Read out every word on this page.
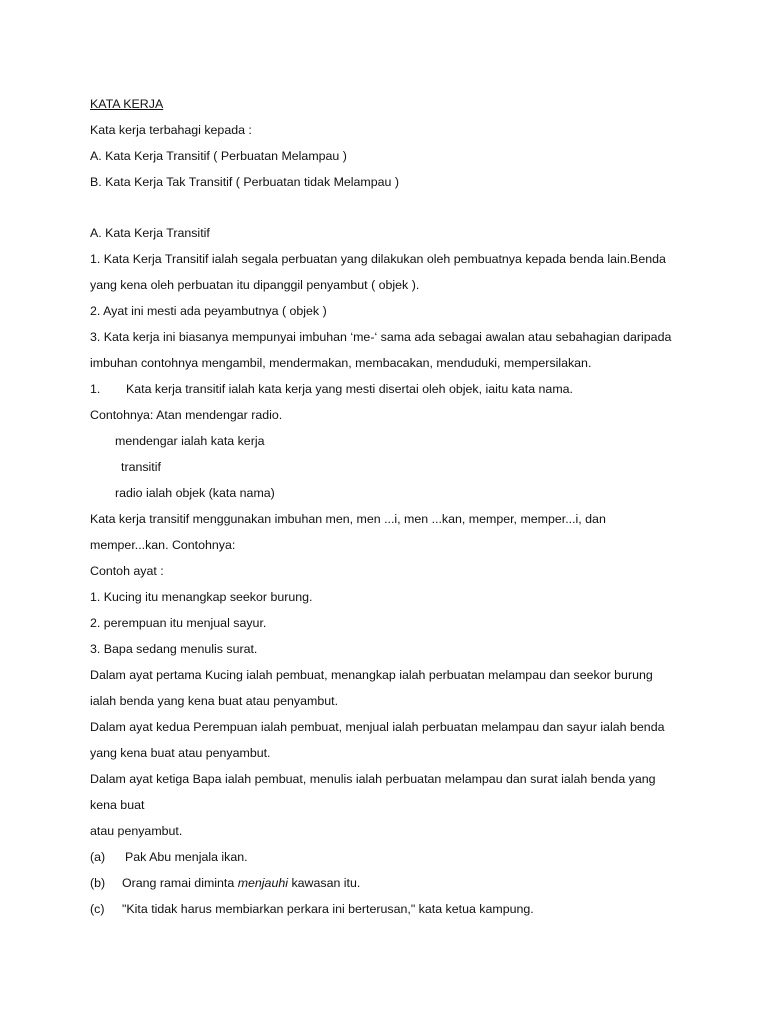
KATA KERJA
Kata kerja terbahagi kepada :
A. Kata Kerja Transitif ( Perbuatan Melampau )
B. Kata Kerja Tak Transitif ( Perbuatan tidak Melampau )
A. Kata Kerja Transitif
1. Kata Kerja Transitif ialah segala perbuatan yang dilakukan oleh pembuatnya kepada benda lain.Benda
yang kena oleh perbuatan itu dipanggil penyambut ( objek ).
2. Ayat ini mesti ada peyambutnya ( objek )
3. Kata kerja ini biasanya mempunyai imbuhan ‘me-‘ sama ada sebagai awalan atau sebahagian daripada
imbuhan contohnya mengambil, mendermakan, membacakan, menduduki, mempersilakan.
1. Kata kerja transitif ialah kata kerja yang mesti disertai oleh objek, iaitu kata nama.
Contohnya: Atan mendengar radio.
mendengar ialah kata kerja
transitif
radio ialah objek (kata nama)
Kata kerja transitif menggunakan imbuhan men, men ...i, men ...kan, memper, memper...i, dan
memper...kan. Contohnya:
Contoh ayat :
1. Kucing itu menangkap seekor burung.
2. perempuan itu menjual sayur.
3. Bapa sedang menulis surat.
Dalam ayat pertama Kucing ialah pembuat, menangkap ialah perbuatan melampau dan seekor burung
ialah benda yang kena buat atau penyambut.
Dalam ayat kedua Perempuan ialah pembuat, menjual ialah perbuatan melampau dan sayur ialah benda
yang kena buat atau penyambut.
Dalam ayat ketiga Bapa ialah pembuat, menulis ialah perbuatan melampau dan surat ialah benda yang
kena buat
atau penyambut.
(a) Pak Abu menjala ikan.
(b) Orang ramai diminta menjauhi kawasan itu.
(c) "Kita tidak harus membiarkan perkara ini berterusan," kata ketua kampung.
